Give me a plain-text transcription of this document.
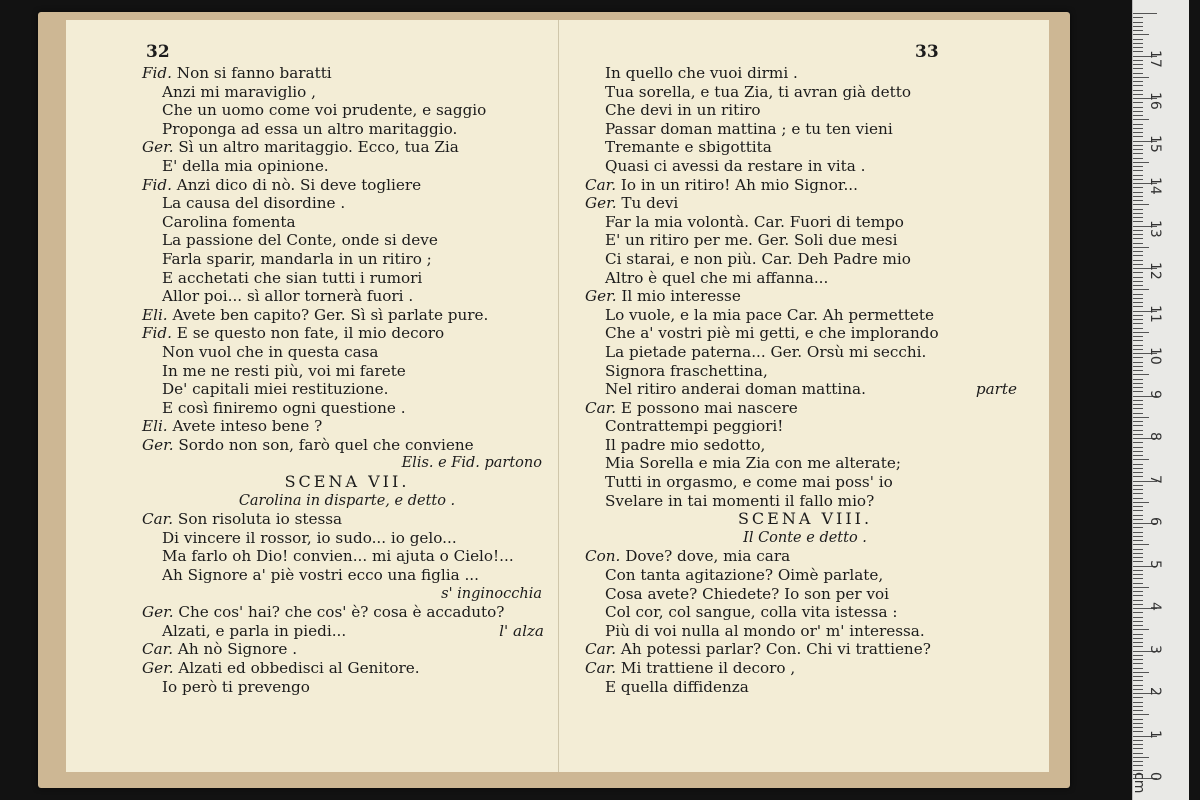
32
Fid. Non si fanno baratti
Anzi mi maraviglio ,
Che un uomo come voi prudente, e saggio
Proponga ad essa un altro maritaggio.
Ger. Sì un altro maritaggio. Ecco, tua Zia
E' della mia opinione.
Fid. Anzi dico di nò. Si deve togliere
La causa del disordine .
Carolina fomenta
La passione del Conte, onde si deve
Farla sparir, mandarla in un ritiro ;
E acchetati che sian tutti i rumori
Allor poi... sì allor tornerà fuori .
Eli. Avete ben capito? Ger. Sì sì parlate pure.
Fid. E se questo non fate, il mio decoro
Non vuol che in questa casa
In me ne resti più, voi mi farete
De' capitali miei restituzione.
E così finiremo ogni questione .
Eli. Avete inteso bene ?
Ger. Sordo non son, farò quel che conviene
Elis. e Fid. partono
SCENA VII.
Carolina in disparte, e detto .
Car. Son risoluta io stessa
Di vincere il rossor, io sudo... io gelo...
Ma farlo oh Dio! convien... mi ajuta o Cielo!...
Ah Signore a' piè vostri ecco una figlia ...
s' inginocchia
Ger. Che cos' hai? che cos' è? cosa è accaduto?
Alzati, e parla in piedi...	l' alza
Car. Ah nò Signore .
Ger. Alzati ed obbedisci al Genitore.
Io però ti prevengo
33
In quello che vuoi dirmi .
Tua sorella, e tua Zia, ti avran già detto
Che devi in un ritiro
Passar doman mattina ; e tu ten vieni
Tremante e sbigottita
Quasi ci avessi da restare in vita .
Car. Io in un ritiro! Ah mio Signor...
Ger. Tu devi
Far la mia volontà. Car. Fuori di tempo
E' un ritiro per me. Ger. Soli due mesi
Ci starai, e non più. Car. Deh Padre mio
Altro è quel che mi affanna...
Ger. Il mio interesse
Lo vuole, e la mia pace Car. Ah permettete
Che a' vostri piè mi getti, e che implorando
La pietade paterna... Ger. Orsù mi secchi.
Signora fraschettina,
Nel ritiro anderai doman mattina.	parte
Car. E possono mai nascere
Contrattempi peggiori!
Il padre mio sedotto,
Mia Sorella e mia Zia con me alterate;
Tutti in orgasmo, e come mai poss' io
Svelare in tai momenti il fallo mio?
SCENA VIII.
Il Conte e detto .
Con. Dove? dove, mia cara
Con tanta agitazione? Oimè parlate,
Cosa avete? Chiedete? Io son per voi
Col cor, col sangue, colla vita istessa :
Più di voi nulla al mondo or' m' interessa.
Car. Ah potessi parlar? Con. Chi vi trattiene?
Car. Mi trattiene il decoro ,
E quella diffidenza
0 cm
1
2
3
4
5
6
7
8
9
10
11
12
13
14
15
16
17
